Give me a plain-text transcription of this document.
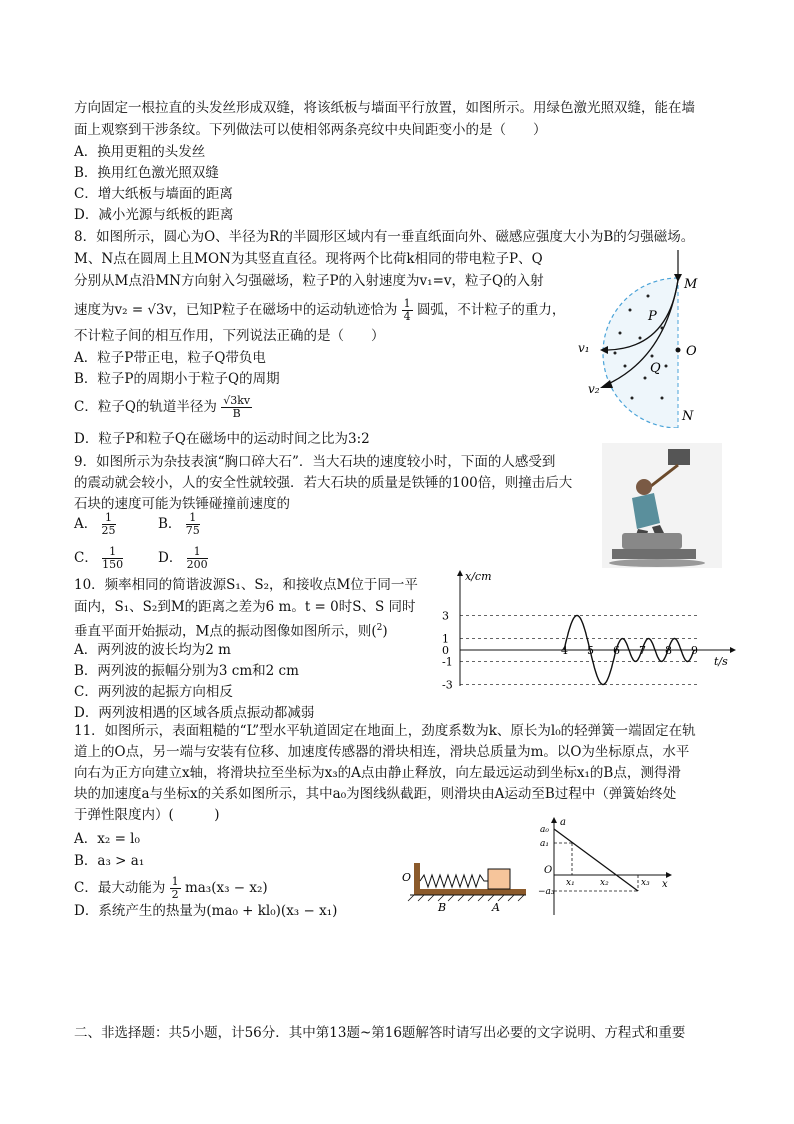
方向固定一根拉直的头发丝形成双缝，将该纸板与墙面平行放置，如图所示。用绿色激光照双缝，能在墙
面上观察到干涉条纹。下列做法可以使相邻两条亮纹中央间距变小的是（　　）
A．换用更粗的头发丝
B．换用红色激光照双缝
C．增大纸板与墙面的距离
D．减小光源与纸板的距离
8．如图所示，圆心为O、半径为R的半圆形区域内有一垂直纸面向外、磁感应强度大小为B的匀强磁场。
M、N点在圆周上且MON为其竖直直径。现将两个比荷k相同的带电粒子P、Q
分别从M点沿MN方向射入匀强磁场，粒子P的入射速度为v₁=v，粒子Q的入射
速度为v₂ = √3v，已知P粒子在磁场中的运动轨迹恰为 $\frac{1}{4}$ 圆弧，不计粒子的重力，
不计粒子间的相互作用，下列说法正确的是（　　）
A．粒子P带正电，粒子Q带负电
B．粒子P的周期小于粒子Q的周期
C．粒子Q的轨道半径为 $\frac{√3kv}{B}$
D．粒子P和粒子Q在磁场中的运动时间之比为3:2
M
N
O
P
Q
v₁
v₂
9．如图所示为杂技表演“胸口碎大石”．当大石块的速度较小时，下面的人感受到
的震动就会较小，人的安全性就较强．若大石块的质量是铁锤的100倍，则撞击后大
石块的速度可能为铁锤碰撞前速度的
A． $\frac{1}{25}$	B． $\frac{1}{75}$
C． $\frac{1}{150}$	D． $\frac{1}{200}$
10．频率相同的简谐波源S₁、S₂，和接收点M位于同一平
面内，S₁、S₂到M的距离之差为6 m。t = 0时S、S 同时
垂直平面开始振动，M点的振动图像如图所示，则($^2$)
A．两列波的波长均为2 m
B．两列波的振幅分别为3 cm和2 cm
C．两列波的起振方向相反
D．两列波相遇的区域各质点振动都减弱
x/cm
t/s
3
1
0
-1
-3
4 5 6 7 8 9
11．如图所示，表面粗糙的“L”型水平轨道固定在地面上，劲度系数为k、原长为l₀的轻弹簧一端固定在轨
道上的O点，另一端与安装有位移、加速度传感器的滑块相连，滑块总质量为m。以O为坐标原点，水平
向右为正方向建立x轴，将滑块拉至坐标为x₃的A点由静止释放，向左最远运动到坐标x₁的B点，测得滑
块的加速度a与坐标x的关系如图所示，其中a₀为图线纵截距，则滑块由A运动至B过程中（弹簧始终处
于弹性限度内）(　　　)
A．x₂ = l₀
B．a₃ > a₁
C．最大动能为 $\frac{1}{2} ma_3(x_3 - x_2)$
D．系统产生的热量为(ma₀ + kl₀)(x₃ − x₁)
O
B	A
a
a₀
a₁
O
x₁	x₂	x₃ x
−a₃
二、非选择题：共5小题，计56分．其中第13题~第16题解答时请写出必要的文字说明、方程式和重要
